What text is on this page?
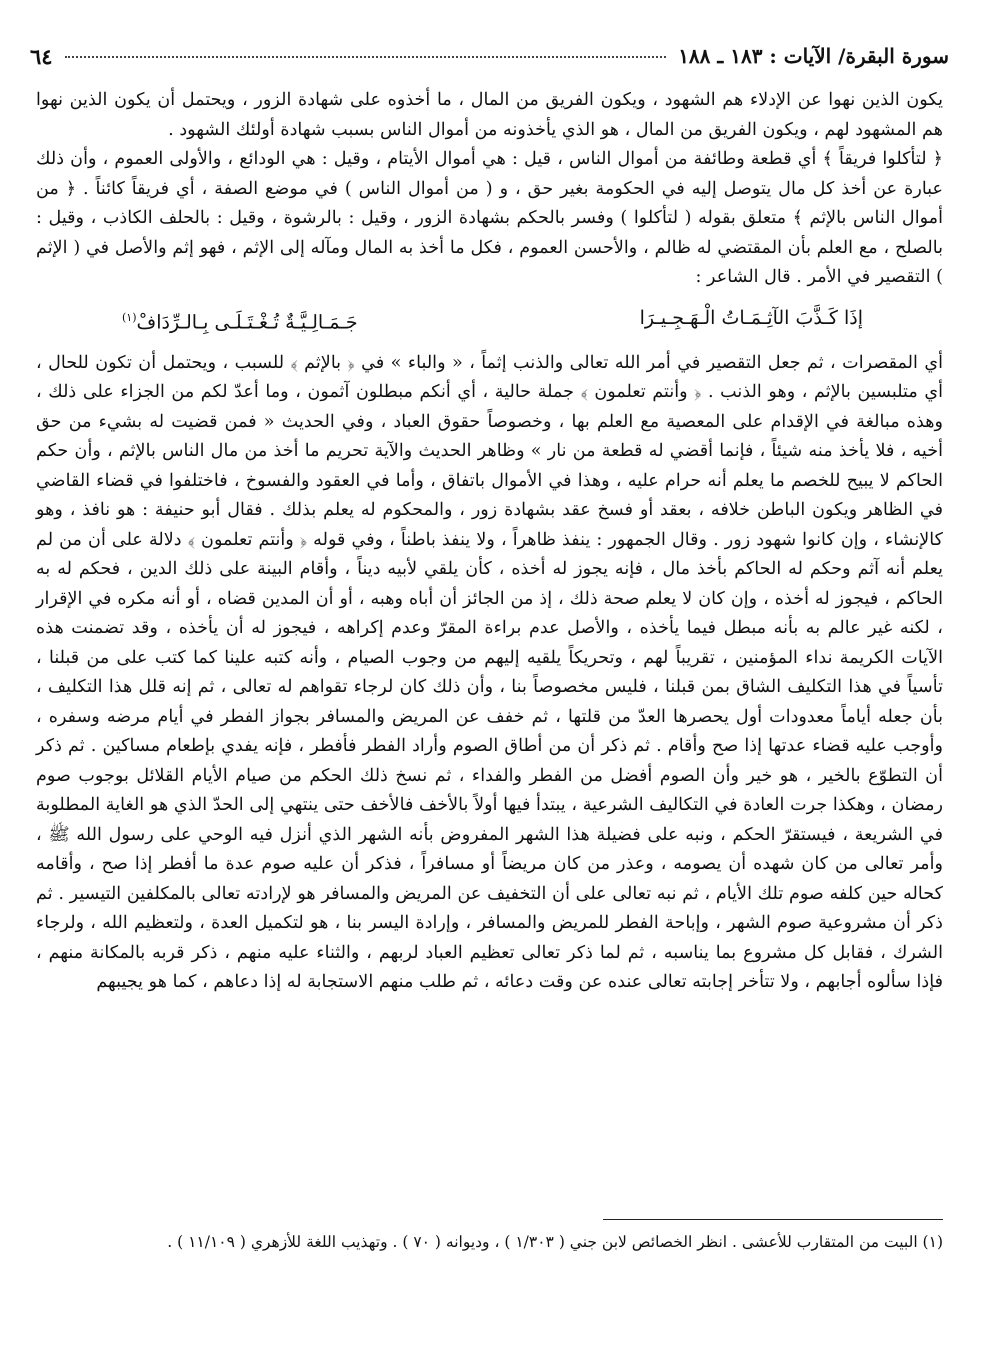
سورة البقرة/ الآيات : ١٨٣ ـ ١٨٨
٦٤

يكون الذين نهوا عن الإدلاء هم الشهود ، ويكون الفريق من المال ، ما أخذوه على شهادة الزور ، ويحتمل أن يكون الذين نهوا هم المشهود لهم ، ويكون الفريق من المال ، هو الذي يأخذونه من أموال الناس بسبب شهادة أولئك الشهود .

﴿ لتأكلوا فريقاً ﴾ أي قطعة وطائفة من أموال الناس ، قيل : هي أموال الأيتام ، وقيل : هي الودائع ، والأولى العموم ، وأن ذلك عبارة عن أخذ كل مال يتوصل إليه في الحكومة بغير حق ، و ( من أموال الناس ) في موضع الصفة ، أي فريقاً كائناً . ﴿ من أموال الناس بالإثم ﴾ متعلق بقوله ( لتأكلوا ) وفسر بالحكم بشهادة الزور ، وقيل : بالرشوة ، وقيل : بالحلف الكاذب ، وقيل : بالصلح ، مع العلم بأن المقتضي له ظالم ، والأحسن العموم ، فكل ما أخذ به المال ومآله إلى الإثم ، فهو إثم والأصل في ( الإثم ) التقصير في الأمر . قال الشاعر :

إذَا كَـذَّبَ الآثِـمَـاتُ الْـهَـجِـيـرَا
جَـمَـالِـيَّـةٌ تُـغْـتَـلَـى بِـالـرِّدَافْ$^{(١)}$

أي المقصرات ، ثم جعل التقصير في أمر الله تعالى والذنب إثماً ، « والباء » في ﴿ بالإثم ﴾ للسبب ، ويحتمل أن تكون للحال ، أي متلبسين بالإثم ، وهو الذنب . ﴿ وأنتم تعلمون ﴾ جملة حالية ، أي أنكم مبطلون آثمون ، وما أعدّ لكم من الجزاء على ذلك ، وهذه مبالغة في الإقدام على المعصية مع العلم بها ، وخصوصاً حقوق العباد ، وفي الحديث « فمن قضيت له بشيء من حق أخيه ، فلا يأخذ منه شيئاً ، فإنما أقضي له قطعة من نار » وظاهر الحديث والآية تحريم ما أخذ من مال الناس بالإثم ، وأن حكم الحاكم لا يبيح للخصم ما يعلم أنه حرام عليه ، وهذا في الأموال باتفاق ، وأما في العقود والفسوخ ، فاختلفوا في قضاء القاضي في الظاهر ويكون الباطن خلافه ، بعقد أو فسخ عقد بشهادة زور ، والمحكوم له يعلم بذلك . فقال أبو حنيفة : هو نافذ ، وهو كالإنشاء ، وإن كانوا شهود زور . وقال الجمهور : ينفذ ظاهراً ، ولا ينفذ باطناً ، وفي قوله ﴿ وأنتم تعلمون ﴾ دلالة على أن من لم يعلم أنه آثم وحكم له الحاكم بأخذ مال ، فإنه يجوز له أخذه ، كأن يلقي لأبيه ديناً ، وأقام البينة على ذلك الدين ، فحكم له به الحاكم ، فيجوز له أخذه ، وإن كان لا يعلم صحة ذلك ، إذ من الجائز أن أباه وهبه ، أو أن المدين قضاه ، أو أنه مكره في الإقرار ، لكنه غير عالم به بأنه مبطل فيما يأخذه ، والأصل عدم براءة المقرّ وعدم إكراهه ، فيجوز له أن يأخذه ، وقد تضمنت هذه الآيات الكريمة نداء المؤمنين ، تقريباً لهم ، وتحريكاً يلقيه إليهم من وجوب الصيام ، وأنه كتبه علينا كما كتب على من قبلنا ، تأسياً في هذا التكليف الشاق بمن قبلنا ، فليس مخصوصاً بنا ، وأن ذلك كان لرجاء تقواهم له تعالى ، ثم إنه قلل هذا التكليف ، بأن جعله أياماً معدودات أول يحصرها العدّ من قلتها ، ثم خفف عن المريض والمسافر بجواز الفطر في أيام مرضه وسفره ، وأوجب عليه قضاء عدتها إذا صح وأقام . ثم ذكر أن من أطاق الصوم وأراد الفطر فأفطر ، فإنه يفدي بإطعام مساكين . ثم ذكر أن التطوّع بالخير ، هو خير وأن الصوم أفضل من الفطر والفداء ، ثم نسخ ذلك الحكم من صيام الأيام القلائل بوجوب صوم رمضان ، وهكذا جرت العادة في التكاليف الشرعية ، يبتدأ فيها أولاً بالأخف فالأخف حتى ينتهي إلى الحدّ الذي هو الغاية المطلوبة في الشريعة ، فيستقرّ الحكم ، ونبه على فضيلة هذا الشهر المفروض بأنه الشهر الذي أنزل فيه الوحي على رسول الله ﷺ ، وأمر تعالى من كان شهده أن يصومه ، وعذر من كان مريضاً أو مسافراً ، فذكر أن عليه صوم عدة ما أفطر إذا صح ، وأقامه كحاله حين كلفه صوم تلك الأيام ، ثم نبه تعالى على أن التخفيف عن المريض والمسافر هو لإرادته تعالى بالمكلفين التيسير . ثم ذكر أن مشروعية صوم الشهر ، وإباحة الفطر للمريض والمسافر ، وإرادة اليسر بنا ، هو لتكميل العدة ، ولتعظيم الله ، ولرجاء الشرك ، فقابل كل مشروع بما يناسبه ، ثم لما ذكر تعالى تعظيم العباد لربهم ، والثناء عليه منهم ، ذكر قربه بالمكانة منهم ، فإذا سألوه أجابهم ، ولا تتأخر إجابته تعالى عنده عن وقت دعائه ، ثم طلب منهم الاستجابة له إذا دعاهم ، كما هو يجيبهم

(١) البيت من المتقارب للأعشى . انظر الخصائص لابن جني ( ١/٣٠٣ ) ، وديوانه ( ٧٠ ) . وتهذيب اللغة للأزهري ( ١١/١٠٩ ) .
